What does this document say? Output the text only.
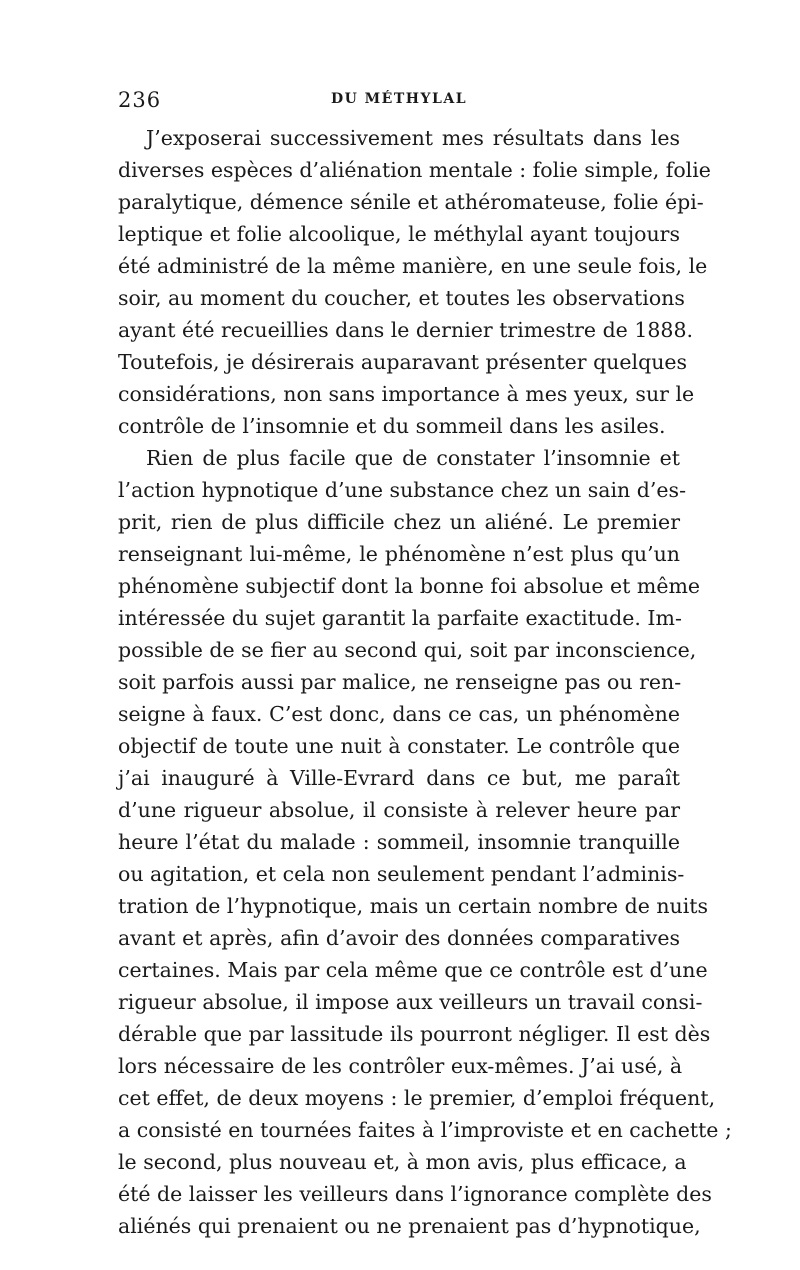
236	DU MÉTHYLAL
J’exposerai successivement mes résultats dans les
diverses espèces d’aliénation mentale : folie simple, folie
paralytique, démence sénile et athéromateuse, folie épi-
leptique et folie alcoolique, le méthylal ayant toujours
été administré de la même manière, en une seule fois, le
soir, au moment du coucher, et toutes les observations
ayant été recueillies dans le dernier trimestre de 1888.
Toutefois, je désirerais auparavant présenter quelques
considérations, non sans importance à mes yeux, sur le
contrôle de l’insomnie et du sommeil dans les asiles.
Rien de plus facile que de constater l’insomnie et
l’action hypnotique d’une substance chez un sain d’es-
prit, rien de plus difficile chez un aliéné. Le premier
renseignant lui-même, le phénomène n’est plus qu’un
phénomène subjectif dont la bonne foi absolue et même
intéressée du sujet garantit la parfaite exactitude. Im-
possible de se fier au second qui, soit par inconscience,
soit parfois aussi par malice, ne renseigne pas ou ren-
seigne à faux. C’est donc, dans ce cas, un phénomène
objectif de toute une nuit à constater. Le contrôle que
j’ai inauguré à Ville-Evrard dans ce but, me paraît
d’une rigueur absolue, il consiste à relever heure par
heure l’état du malade : sommeil, insomnie tranquille
ou agitation, et cela non seulement pendant l’adminis-
tration de l’hypnotique, mais un certain nombre de nuits
avant et après, afin d’avoir des données comparatives
certaines. Mais par cela même que ce contrôle est d’une
rigueur absolue, il impose aux veilleurs un travail consi-
dérable que par lassitude ils pourront négliger. Il est dès
lors nécessaire de les contrôler eux-mêmes. J’ai usé, à
cet effet, de deux moyens : le premier, d’emploi fréquent,
a consisté en tournées faites à l’improviste et en cachette ;
le second, plus nouveau et, à mon avis, plus efficace, a
été de laisser les veilleurs dans l’ignorance complète des
aliénés qui prenaient ou ne prenaient pas d’hypnotique,
